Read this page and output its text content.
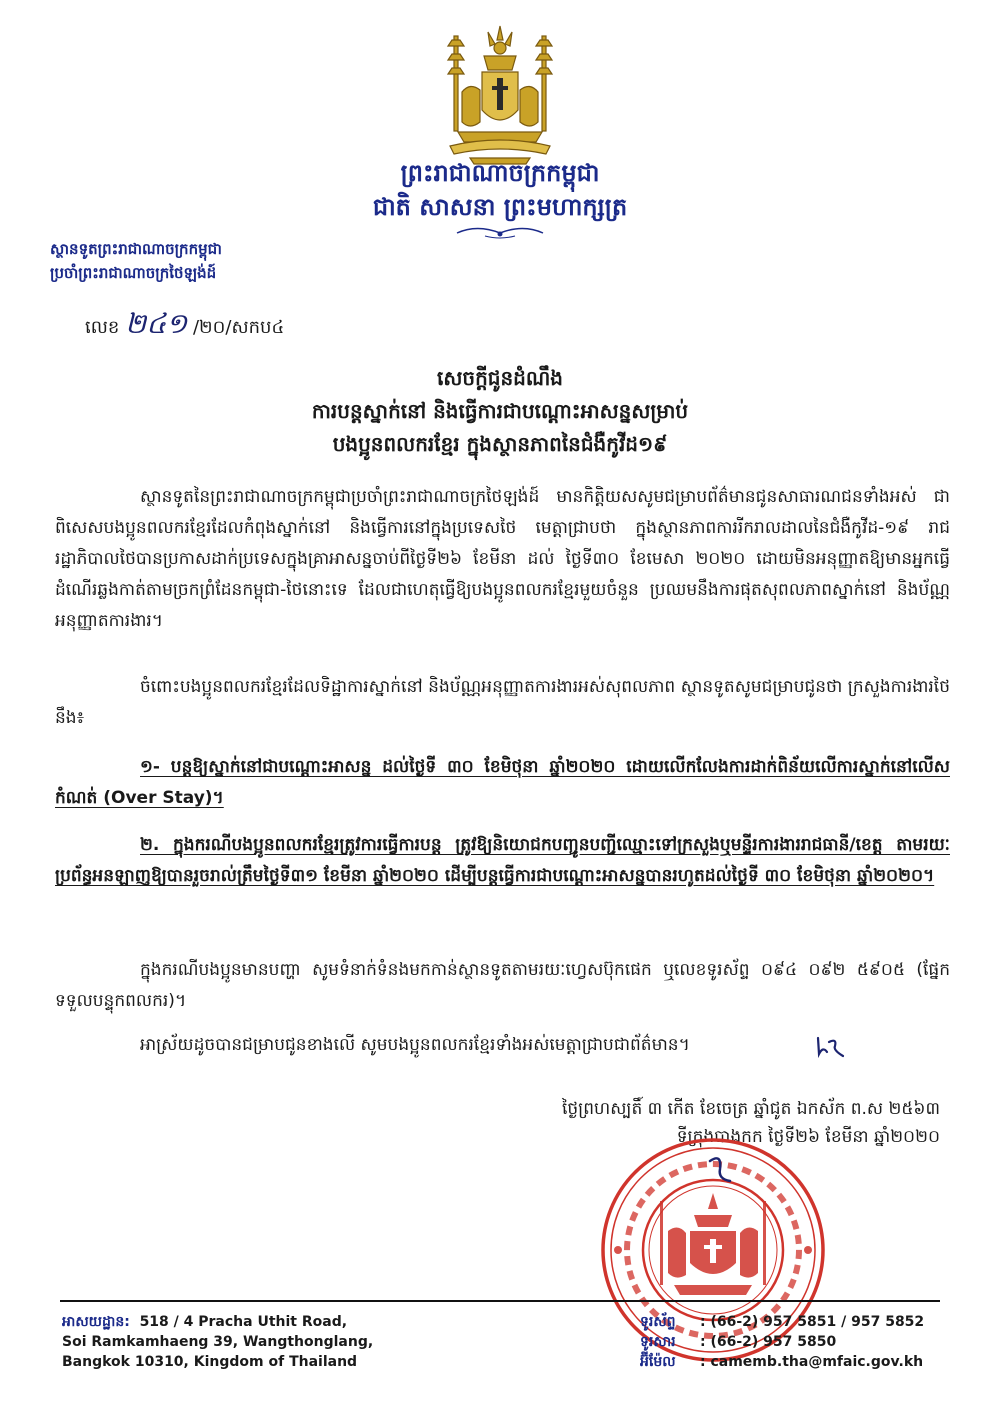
ព្រះរាជាណាចក្រកម្ពុជា
ជាតិ សាសនា ព្រះមហាក្សត្រ
ស្ថានទូតព្រះរាជាណាចក្រកម្ពុជា
ប្រចាំព្រះរាជាណាចក្រថៃឡង់ដ៍
លេខ ២៤១ /២០/សកប៤
សេចក្តីជូនដំណឹង
ការបន្តស្នាក់នៅ និងធ្វើការជាបណ្តោះអាសន្នសម្រាប់
បងប្អូនពលករខ្មែរ ក្នុងស្ថានភាពនៃជំងឺកូវីដ១៩
ស្ថានទូតនៃព្រះរាជាណាចក្រកម្ពុជាប្រចាំព្រះរាជាណាចក្រថៃឡង់ដ៍ មានកិត្តិយសសូមជម្រាបព័ត៌មានជូនសាធារណជនទាំងអស់ ជាពិសេសបងប្អូនពលករខ្មែរដែលកំពុងស្នាក់នៅ និងធ្វើការនៅក្នុងប្រទេសថៃ មេត្តាជ្រាបថា ក្នុងស្ថានភាពការរីករាលដាលនៃជំងឺកូវីដ-១៩ រាជរដ្ឋាភិបាលថៃបានប្រកាសដាក់ប្រទេសក្នុងគ្រាអាសន្នចាប់ពីថ្ងៃទី២៦ ខែមីនា ដល់ ថ្ងៃទី៣០ ខែមេសា ២០២០ ដោយមិនអនុញ្ញាតឱ្យមានអ្នកធ្វើដំណើរឆ្លងកាត់តាមច្រកព្រំដែនកម្ពុជា-ថៃនោះទេ ដែលជាហេតុធ្វើឱ្យបងប្អូនពលករខ្មែរមួយចំនួន ប្រឈមនឹងការផុតសុពលភាពស្នាក់នៅ និងប័ណ្ណអនុញ្ញាតការងារ។
ចំពោះបងប្អូនពលករខ្មែរដែលទិដ្ឋាការស្នាក់នៅ និងប័ណ្ណអនុញ្ញាតការងារអស់សុពលភាព ស្ថានទូតសូមជម្រាបជូនថា ក្រសួងការងារថៃនឹង៖
១- បន្តឱ្យស្នាក់នៅជាបណ្តោះអាសន្ន ដល់ថ្ងៃទី ៣០ ខែមិថុនា ឆ្នាំ២០២០ ដោយលើកលែងការដាក់ពិន័យលើការស្នាក់នៅលើសកំណត់ (Over Stay)។
២. ក្នុងករណីបងប្អូនពលករខ្មែរត្រូវការធ្វើការបន្ត ត្រូវឱ្យនិយោជកបញ្ជូនបញ្ជីឈ្មោះទៅក្រសួងឬមន្ទីរការងាររាជធានី/ខេត្ត តាមរយៈប្រព័ន្ធអនឡាញឱ្យបានរួចរាល់ត្រឹមថ្ងៃទី៣១ ខែមីនា ឆ្នាំ២០២០ ដើម្បីបន្តធ្វើការជាបណ្តោះអាសន្នបានរហូតដល់ថ្ងៃទី ៣០ ខែមិថុនា ឆ្នាំ២០២០។
ក្នុងករណីបងប្អូនមានបញ្ហា សូមទំនាក់ទំនងមកកាន់ស្ថានទូតតាមរយៈហ្វេសប៊ុកផេក ឬលេខទូរស័ព្ទ ០៩៤ ០៩២ ៥៩០៥ (ផ្នែកទទួលបន្ទុកពលករ)។
អាស្រ័យដូចបានជម្រាបជូនខាងលើ សូមបងប្អូនពលករខ្មែរទាំងអស់មេត្តាជ្រាបជាព័ត៌មាន។
ថ្ងៃព្រហស្បតិ៍ ៣ កើត ខែចេត្រ ឆ្នាំជូត ឯកស័ក ព.ស ២៥៦៣
ទីក្រុងបាងកក ថ្ងៃទី២៦ ខែមីនា ឆ្នាំ២០២០
អាសយដ្ឋាន: 518 / 4 Pracha Uthit Road,
Soi Ramkamhaeng 39, Wangthonglang,
Bangkok 10310, Kingdom of Thailand
ទូរស័ព្ទ : (66-2) 957 5851 / 957 5852
ទូរសារ : (66-2) 957 5850
អ៊ីម៉ែល : camemb.tha@mfaic.gov.kh
